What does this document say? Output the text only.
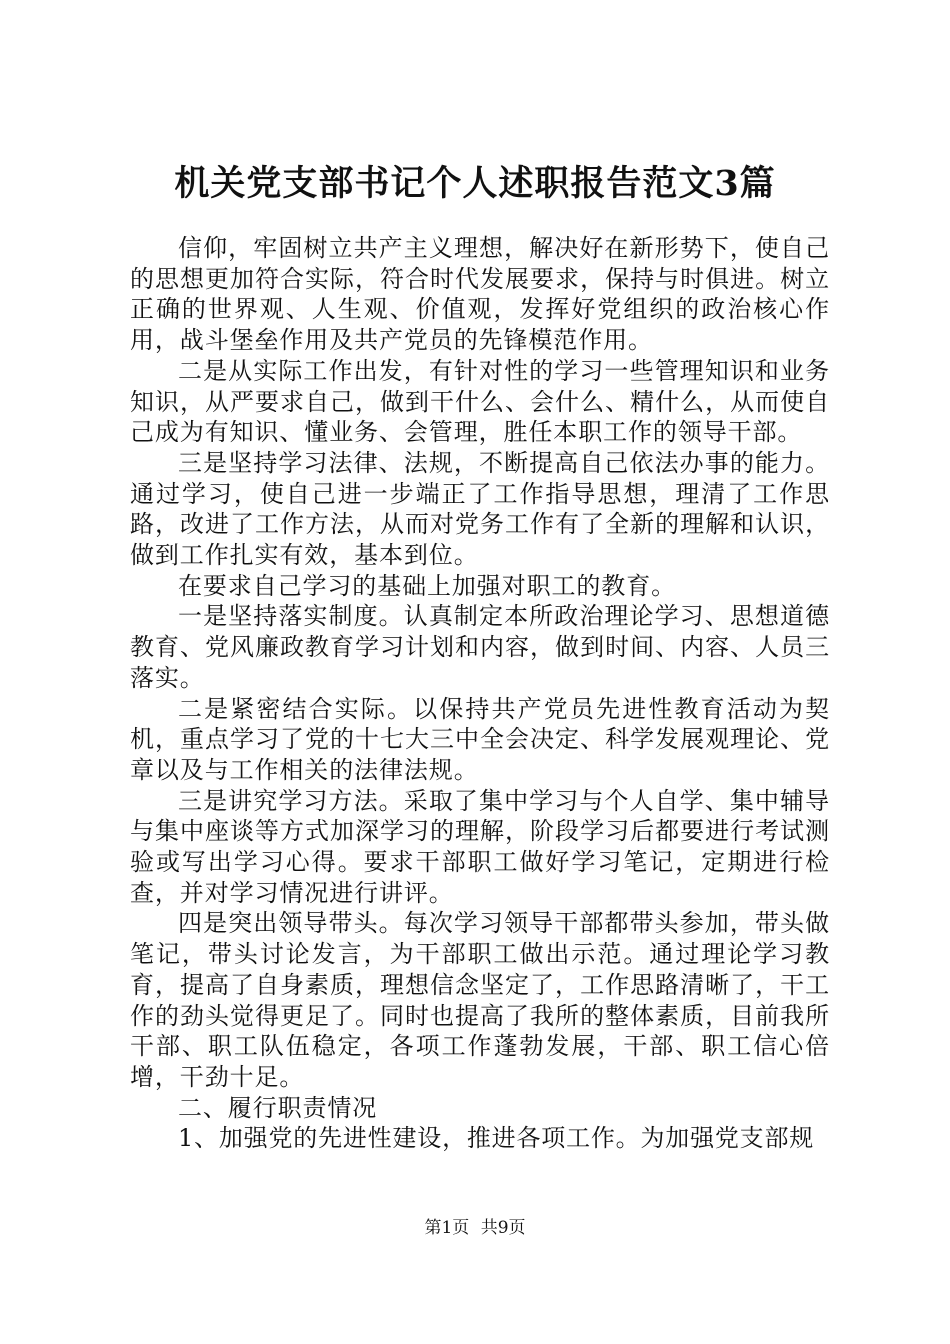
机关党支部书记个人述职报告范文3篇

信仰，牢固树立共产主义理想，解决好在新形势下，使自己的思想更加符合实际，符合时代发展要求，保持与时俱进。树立正确的世界观、人生观、价值观，发挥好党组织的政治核心作用，战斗堡垒作用及共产党员的先锋模范作用。

二是从实际工作出发，有针对性的学习一些管理知识和业务知识，从严要求自己，做到干什么、会什么、精什么，从而使自己成为有知识、懂业务、会管理，胜任本职工作的领导干部。

三是坚持学习法律、法规，不断提高自己依法办事的能力。通过学习，使自己进一步端正了工作指导思想，理清了工作思路，改进了工作方法，从而对党务工作有了全新的理解和认识，做到工作扎实有效，基本到位。

在要求自己学习的基础上加强对职工的教育。

一是坚持落实制度。认真制定本所政治理论学习、思想道德教育、党风廉政教育学习计划和内容，做到时间、内容、人员三落实。

二是紧密结合实际。以保持共产党员先进性教育活动为契机，重点学习了党的十七大三中全会决定、科学发展观理论、党章以及与工作相关的法律法规。

三是讲究学习方法。采取了集中学习与个人自学、集中辅导与集中座谈等方式加深学习的理解，阶段学习后都要进行考试测验或写出学习心得。要求干部职工做好学习笔记，定期进行检查，并对学习情况进行讲评。

四是突出领导带头。每次学习领导干部都带头参加，带头做笔记，带头讨论发言，为干部职工做出示范。通过理论学习教育，提高了自身素质，理想信念坚定了，工作思路清晰了，干工作的劲头觉得更足了。同时也提高了我所的整体素质，目前我所干部、职工队伍稳定，各项工作蓬勃发展，干部、职工信心倍增，干劲十足。

二、履行职责情况

1、加强党的先进性建设，推进各项工作。为加强党支部规

第1页 共9页
